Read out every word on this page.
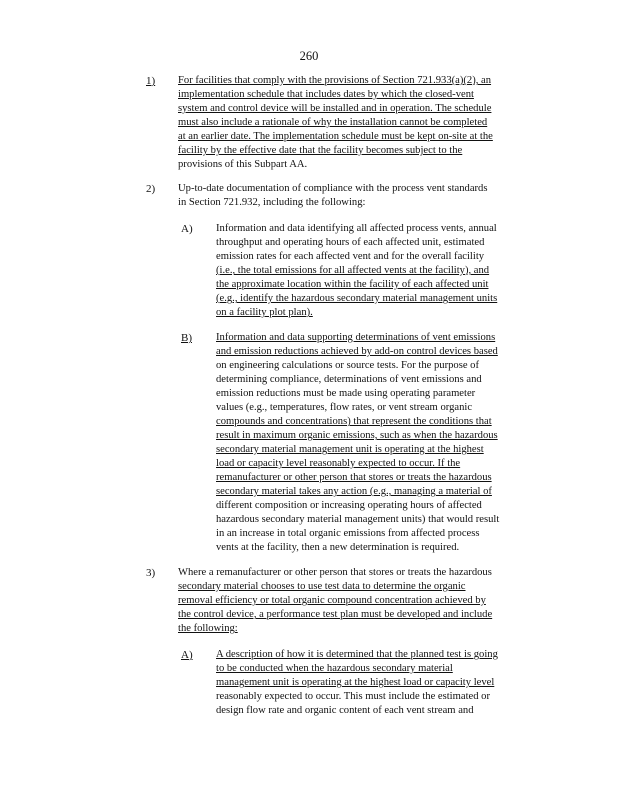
260
1) For facilities that comply with the provisions of Section 721.933(a)(2), an
implementation schedule that includes dates by which the closed-vent
system and control device will be installed and in operation. The schedule
must also include a rationale of why the installation cannot be completed
at an earlier date. The implementation schedule must be kept on-site at the
facility by the effective date that the facility becomes subject to the
provisions of this Subpart AA.
2) Up-to-date documentation of compliance with the process vent standards
in Section 721.932, including the following:
A) Information and data identifying all affected process vents, annual
throughput and operating hours of each affected unit, estimated
emission rates for each affected vent and for the overall facility
(i.e., the total emissions for all affected vents at the facility), and
the approximate location within the facility of each affected unit
(e.g., identify the hazardous secondary material management units
on a facility plot plan).
B) Information and data supporting determinations of vent emissions
and emission reductions achieved by add-on control devices based
on engineering calculations or source tests. For the purpose of
determining compliance, determinations of vent emissions and
emission reductions must be made using operating parameter
values (e.g., temperatures, flow rates, or vent stream organic
compounds and concentrations) that represent the conditions that
result in maximum organic emissions, such as when the hazardous
secondary material management unit is operating at the highest
load or capacity level reasonably expected to occur. If the
remanufacturer or other person that stores or treats the hazardous
secondary material takes any action (e.g., managing a material of
different composition or increasing operating hours of affected
hazardous secondary material management units) that would result
in an increase in total organic emissions from affected process
vents at the facility, then a new determination is required.
3) Where a remanufacturer or other person that stores or treats the hazardous
secondary material chooses to use test data to determine the organic
removal efficiency or total organic compound concentration achieved by
the control device, a performance test plan must be developed and include
the following:
A) A description of how it is determined that the planned test is going
to be conducted when the hazardous secondary material
management unit is operating at the highest load or capacity level
reasonably expected to occur. This must include the estimated or
design flow rate and organic content of each vent stream and
